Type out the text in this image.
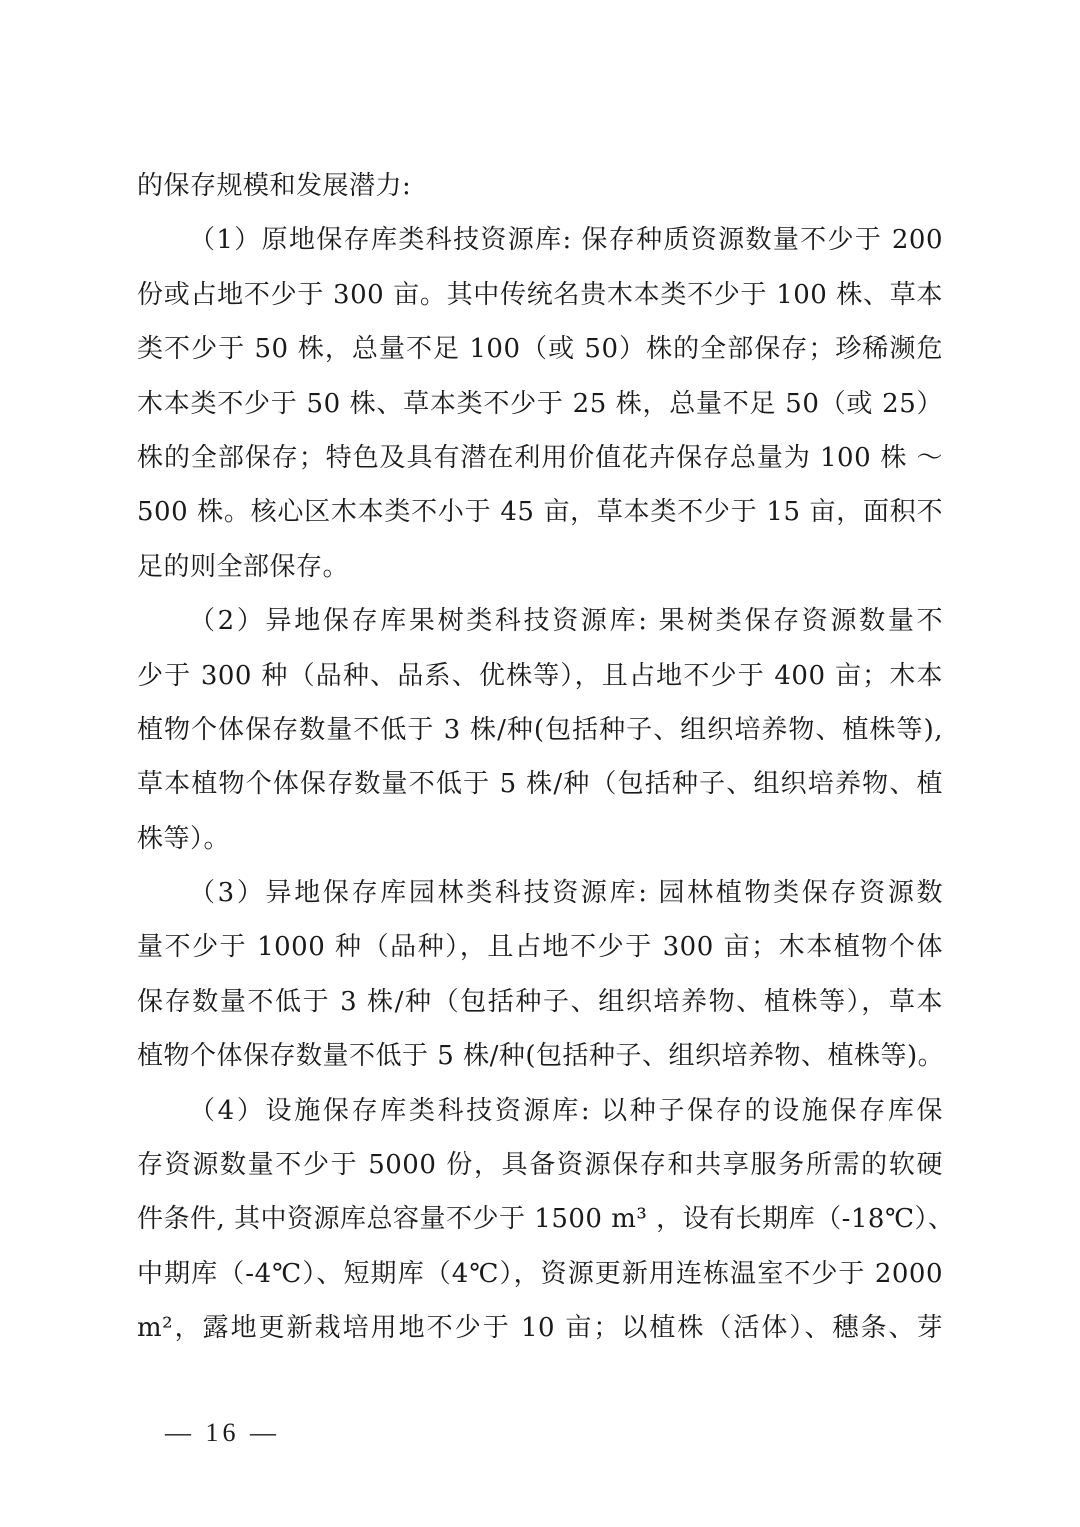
的保存规模和发展潜力:
（1）原地保存库类科技资源库: 保存种质资源数量不少于 200
份或占地不少于 300 亩。其中传统名贵木本类不少于 100 株、草本
类不少于 50 株，总量不足 100（或 50）株的全部保存；珍稀濒危
木本类不少于 50 株、草本类不少于 25 株，总量不足 50（或 25）
株的全部保存；特色及具有潜在利用价值花卉保存总量为 100 株 ～
500 株。核心区木本类不小于 45 亩，草本类不少于 15 亩，面积不
足的则全部保存。
（2）异地保存库果树类科技资源库: 果树类保存资源数量不
少于 300 种（品种、品系、优株等），且占地不少于 400 亩；木本
植物个体保存数量不低于 3 株/种(包括种子、组织培养物、植株等),
草本植物个体保存数量不低于 5 株/种（包括种子、组织培养物、植
株等）。
（3）异地保存库园林类科技资源库: 园林植物类保存资源数
量不少于 1000 种（品种），且占地不少于 300 亩；木本植物个体
保存数量不低于 3 株/种（包括种子、组织培养物、植株等），草本
植物个体保存数量不低于 5 株/种(包括种子、组织培养物、植株等)。
（4）设施保存库类科技资源库: 以种子保存的设施保存库保
存资源数量不少于 5000 份，具备资源保存和共享服务所需的软硬
件条件, 其中资源库总容量不少于 1500 m³ ，设有长期库（-18℃）、
中期库（-4℃）、短期库（4℃），资源更新用连栋温室不少于 2000
m²，露地更新栽培用地不少于 10 亩；以植株（活体）、穗条、芽
— 16 —
